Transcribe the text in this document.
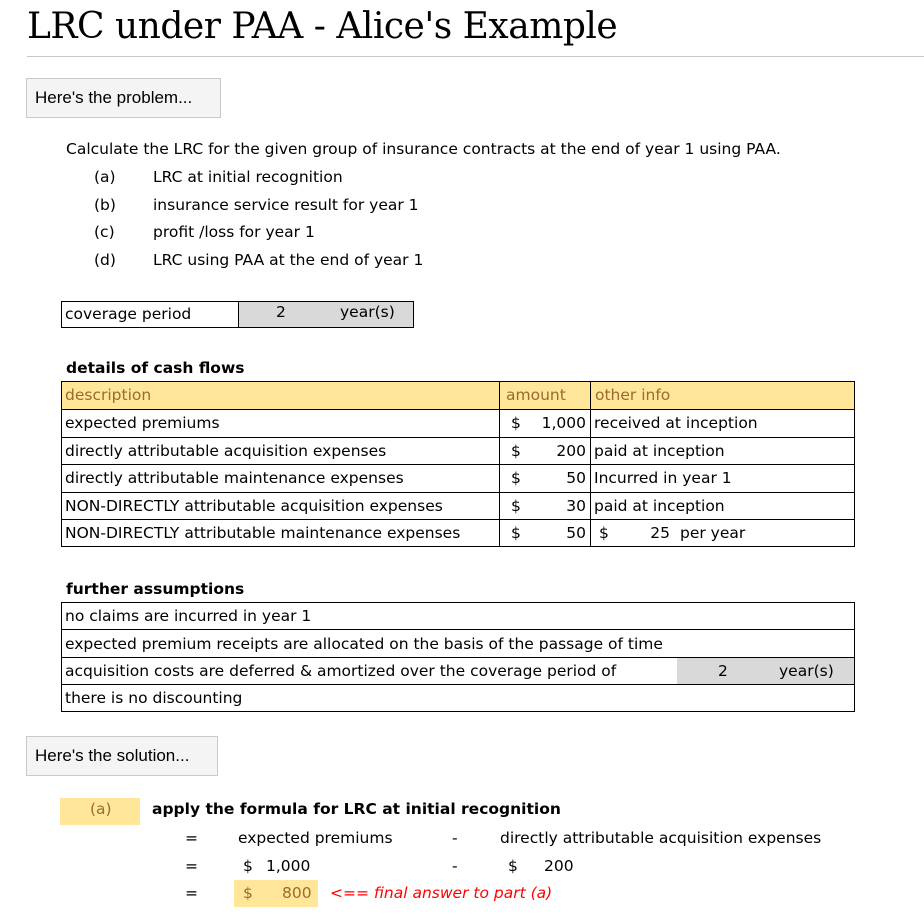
LRC under PAA - Alice's Example
Here's the problem...
Calculate the LRC for the given group of insurance contracts at the end of year 1 using PAA.
(a) LRC at initial recognition
(b) insurance service result for year 1
(c) profit /loss for year 1
(d) LRC using PAA at the end of year 1
coverage period	2	year(s)
details of cash flows
description	amount other info
expected premiums	$	1,000 received at inception
directly attributable acquisition expenses	$	200 paid at inception
directly attributable maintenance expenses	$	50 Incurred in year 1
NON-DIRECTLY attributable acquisition expenses	$	30 paid at inception
NON-DIRECTLY attributable maintenance expenses	$	50 $	25 per year
further assumptions
no claims are incurred in year 1
expected premium receipts are allocated on the basis of the passage of time
acquisition costs are deferred & amortized over the coverage period of	2	year(s)
there is no discounting
Here's the solution...
(a)	apply the formula for LRC at initial recognition
=	expected premiums	-	directly attributable acquisition expenses
=	$ 1,000	-	$ 200
=	$ 800 <== final answer to part (a)
